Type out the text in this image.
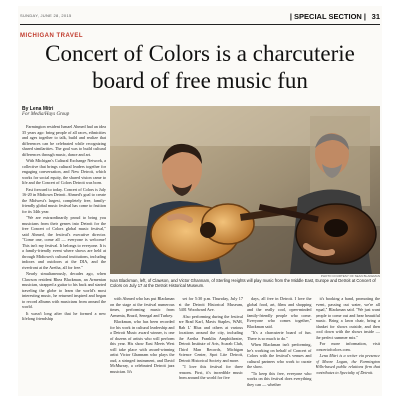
SUNDAY, JUNE 28, 2015	| SPECIAL SECTION | 31
MICHIGAN TRAVEL
Concert of Colors is a charcuterie
board of free music fun
By Lena Mitri
For Media/Hays Group

Farmington resident Ismael Ahmed had an idea 35 years ago: bring people of all races, ethnicities and ages together to talk, build and realize that differences can be celebrated while recognizing shared similarities. The goal was to build cultural differences through music, dance and art.

With Michigan's Cultural Exchange Network, a collective that brings cultural leaders together for engaging conversation, and New Detroit, which works for social equity, the shared vision came to life and the Concert of Colors Detroit was born.

Fast forward to today. Concert of Colors is July 16-20 in Midtown Detroit. Ahmed's goal to create the Midwest's largest, completely free, family-friendly global music festival has come to fruition for its 34th year.

"We are extraordinarily proud to bring you musicians from their genres into Detroit for the free Concert of Colors global music festival," said Ahmed, the festival's executive director. "Come one, come all — everyone is welcome! This isn't my festival. It belongs to everyone. It is a family-friendly event where shows are held at through Midtown's cultural institutions, including indoors and outdoors at the DIA, and the riverfront at the Aretha, all for free."

Nearly simultaneously, decades ago, when Clawson resident Rhea Blackman, an Armenian musician, strapped a guitar to his back and started traveling the globe to learn the world's most interesting music, he returned inspired and began to record albums with musicians from around the world.

It wasn't long after that he formed a new lifelong friendship

PHOTO COURTESY OF SEAN BLAKEMAN
Ivan Blackman, left, of Clawson, and Victor Ghannam, of Sterling Heights will play music from the Middle East, Europe and Detroit at Concert of Colors on July 17 at the Detroit Historical Museum.

with Ahmed who has put Blackman on the stage at the festival numerous times, performing music from Armenia, Brazil, Senegal and Turkey.

Blackman, who has been recorded for his work in cultural leadership and a Detroit Music award winner, is one of dozens of artists who will perform this year. His show East Meets West will take place with award-winning artist Victor Ghannam who plays the oud, a stringed instrument, and David McMurray, a celebrated Detroit jazz musician. It's

set for 5:30 p.m. Thursday, July 17 at the Detroit Historical Museum, 5401 Woodward Ave.

Also performing during the festival are Brad Karl, Mavis Staples, WAR, Bab L' Bluz and others at various locations around the city, including the Aretha Franklin Amphitheatre, Detroit Institute of Arts, Scarab Club, Third Man Records, Michigan Science Center, Spot Lite Detroit, Detroit Historical Society and more.

"I love this festival for three reasons. First, it's incredible music from around the world for five

days, all free in Detroit. I love the global food, art, films and shopping and the really cool, open-minded family-friendly people who come. Everyone who comes together," Blackman said.

"It's a charcuterie board of fun. There is so much to do."

When Blackman isn't performing, he's working on behalf of Concert of Colors with the festival's venues and cultural partners who work to curate the show.

"To keep this free, everyone who works on this festival does everything they can — whether

it's booking a band, promoting the event, passing out water, we're all equal," Blackman said. "We just want people to come out and hear beautiful music. Bring a lawn chair, bring a blanket for shows outside, and then cool down with the shows inside — the perfect summer mix."

For more information, visit concertofcolors.com.

Lena Mitri is a writer via presence of Moore Logan, the Farmington Hills-based public relations firm that contributes to Specialty of Detroit.
